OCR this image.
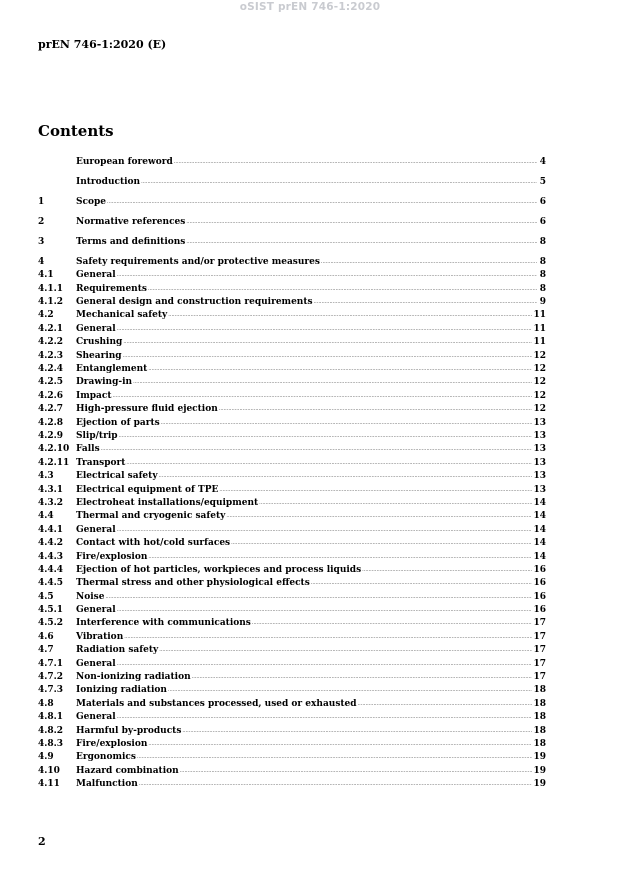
oSIST prEN 746-1:2020
prEN 746-1:2020 (E)
Contents
European foreword .....	4
Introduction .....	5
1	Scope .....	6
2	Normative references .....	6
3	Terms and definitions .....	8
4	Safety requirements and/or protective measures .....	8
4.1	General .....	8
4.1.1	Requirements .....	8
4.1.2	General design and construction requirements .....	9
4.2	Mechanical safety .....	11
4.2.1	General .....	11
4.2.2	Crushing .....	11
4.2.3	Shearing .....	12
4.2.4	Entanglement .....	12
4.2.5	Drawing-in .....	12
4.2.6	Impact .....	12
4.2.7	High-pressure fluid ejection .....	12
4.2.8	Ejection of parts .....	13
4.2.9	Slip/trip .....	13
4.2.10 Falls .....	13
4.2.11 Transport .....	13
4.3	Electrical safety .....	13
4.3.1	Electrical equipment of TPE .....	13
4.3.2	Electroheat installations/equipment .....	14
4.4	Thermal and cryogenic safety .....	14
4.4.1	General .....	14
4.4.2	Contact with hot/cold surfaces .....	14
4.4.3	Fire/explosion .....	14
4.4.4	Ejection of hot particles, workpieces and process liquids .....	16
4.4.5	Thermal stress and other physiological effects .....	16
4.5	Noise .....	16
4.5.1	General .....	16
4.5.2	Interference with communications .....	17
4.6	Vibration .....	17
4.7	Radiation safety .....	17
4.7.1	General .....	17
4.7.2	Non-ionizing radiation .....	17
4.7.3	Ionizing radiation .....	18
4.8	Materials and substances processed, used or exhausted .....	18
4.8.1	General .....	18
4.8.2	Harmful by-products .....	18
4.8.3	Fire/explosion .....	18
4.9	Ergonomics .....	19
4.10	Hazard combination .....	19
4.11	Malfunction .....	19
2
